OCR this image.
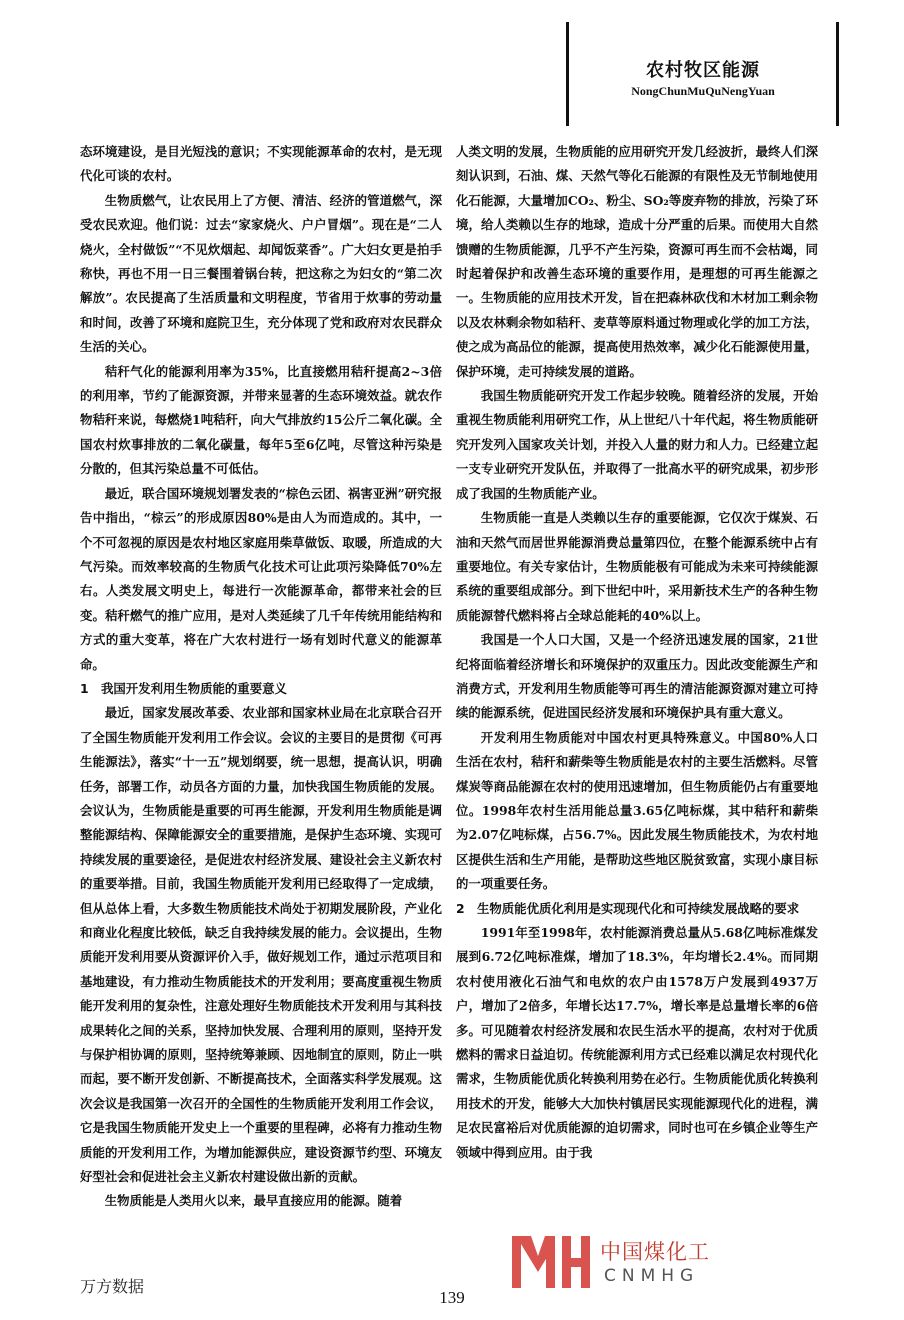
农村牧区能源
NongChunMuQuNengYuan

态环境建设，是目光短浅的意识；不实现能源革命的农村，是无现代化可谈的农村。

生物质燃气，让农民用上了方便、清洁、经济的管道燃气，深受农民欢迎。他们说：过去“家家烧火、户户冒烟”。现在是“二人烧火，全村做饭”“不见炊烟起、却闻饭菜香”。广大妇女更是拍手称快，再也不用一日三餐围着锅台转，把这称之为妇女的“第二次解放”。农民提高了生活质量和文明程度，节省用于炊事的劳动量和时间，改善了环境和庭院卫生，充分体现了党和政府对农民群众生活的关心。

秸秆气化的能源利用率为35%，比直接燃用秸秆提高2~3倍的利用率，节约了能源资源，并带来显著的生态环境效益。就农作物秸秆来说，每燃烧1吨秸秆，向大气排放约15公斤二氧化碳。全国农村炊事排放的二氧化碳量，每年5至6亿吨，尽管这种污染是分散的，但其污染总量不可低估。

最近，联合国环境规划署发表的“棕色云团、祸害亚洲”研究报告中指出，“棕云”的形成原因80%是由人为而造成的。其中，一个不可忽视的原因是农村地区家庭用柴草做饭、取暖，所造成的大气污染。而效率较高的生物质气化技术可让此项污染降低70%左右。人类发展文明史上，每进行一次能源革命，都带来社会的巨变。秸秆燃气的推广应用，是对人类延续了几千年传统用能结构和方式的重大变革，将在广大农村进行一场有划时代意义的能源革命。

1　我国开发利用生物质能的重要意义

最近，国家发展改革委、农业部和国家林业局在北京联合召开了全国生物质能开发利用工作会议。会议的主要目的是贯彻《可再生能源法》，落实“十一五”规划纲要，统一思想，提高认识，明确任务，部署工作，动员各方面的力量，加快我国生物质能的发展。会议认为，生物质能是重要的可再生能源，开发利用生物质能是调整能源结构、保障能源安全的重要措施，是保护生态环境、实现可持续发展的重要途径，是促进农村经济发展、建设社会主义新农村的重要举措。目前，我国生物质能开发利用已经取得了一定成绩，但从总体上看，大多数生物质能技术尚处于初期发展阶段，产业化和商业化程度比较低，缺乏自我持续发展的能力。会议提出，生物质能开发利用要从资源评价入手，做好规划工作，通过示范项目和基地建设，有力推动生物质能技术的开发利用；要高度重视生物质能开发利用的复杂性，注意处理好生物质能技术开发利用与其科技成果转化之间的关系，坚持加快发展、合理利用的原则，坚持开发与保护相协调的原则，坚持统筹兼顾、因地制宜的原则，防止一哄而起，要不断开发创新、不断提高技术，全面落实科学发展观。这次会议是我国第一次召开的全国性的生物质能开发利用工作会议，它是我国生物质能开发史上一个重要的里程碑，必将有力推动生物质能的开发利用工作，为增加能源供应，建设资源节约型、环境友好型社会和促进社会主义新农村建设做出新的贡献。

生物质能是人类用火以来，最早直接应用的能源。随着

人类文明的发展，生物质能的应用研究开发几经波折，最终人们深刻认识到，石油、煤、天然气等化石能源的有限性及无节制地使用化石能源，大量增加CO₂、粉尘、SO₂等废弃物的排放，污染了环境，给人类赖以生存的地球，造成十分严重的后果。而使用大自然馈赠的生物质能源，几乎不产生污染，资源可再生而不会枯竭，同时起着保护和改善生态环境的重要作用，是理想的可再生能源之一。生物质能的应用技术开发，旨在把森林砍伐和木材加工剩余物以及农林剩余物如秸秆、麦草等原料通过物理或化学的加工方法，使之成为高品位的能源，提高使用热效率，减少化石能源使用量，保护环境，走可持续发展的道路。

我国生物质能研究开发工作起步较晚。随着经济的发展，开始重视生物质能利用研究工作，从上世纪八十年代起，将生物质能研究开发列入国家攻关计划，并投入人量的财力和人力。已经建立起一支专业研究开发队伍，并取得了一批高水平的研究成果，初步形成了我国的生物质能产业。

生物质能一直是人类赖以生存的重要能源，它仅次于煤炭、石油和天然气而居世界能源消费总量第四位，在整个能源系统中占有重要地位。有关专家估计，生物质能极有可能成为未来可持续能源系统的重要组成部分。到下世纪中叶，采用新技术生产的各种生物质能源替代燃料将占全球总能耗的40%以上。

我国是一个人口大国，又是一个经济迅速发展的国家，21世纪将面临着经济增长和环境保护的双重压力。因此改变能源生产和消费方式，开发利用生物质能等可再生的清洁能源资源对建立可持续的能源系统，促进国民经济发展和环境保护具有重大意义。

开发利用生物质能对中国农村更具特殊意义。中国80%人口生活在农村，秸秆和薪柴等生物质能是农村的主要生活燃料。尽管煤炭等商品能源在农村的使用迅速增加，但生物质能仍占有重要地位。1998年农村生活用能总量3.65亿吨标煤，其中秸秆和薪柴为2.07亿吨标煤，占56.7%。因此发展生物质能技术，为农村地区提供生活和生产用能，是帮助这些地区脱贫致富，实现小康目标的一项重要任务。

2　生物质能优质化利用是实现现代化和可持续发展战略的要求

1991年至1998年，农村能源消费总量从5.68亿吨标准煤发展到6.72亿吨标准煤，增加了18.3%，年均增长2.4%。而同期农村使用液化石油气和电炊的农户由1578万户发展到4937万户，增加了2倍多，年增长达17.7%，增长率是总量增长率的6倍多。可见随着农村经济发展和农民生活水平的提高，农村对于优质燃料的需求日益迫切。传统能源利用方式已经难以满足农村现代化需求，生物质能优质化转换利用势在必行。生物质能优质化转换利用技术的开发，能够大大加快村镇居民实现能源现代化的进程，满足农民富裕后对优质能源的迫切需求，同时也可在乡镇企业等生产领域中得到应用。由于我

中国煤化工
CNMHG
万方数据
139
